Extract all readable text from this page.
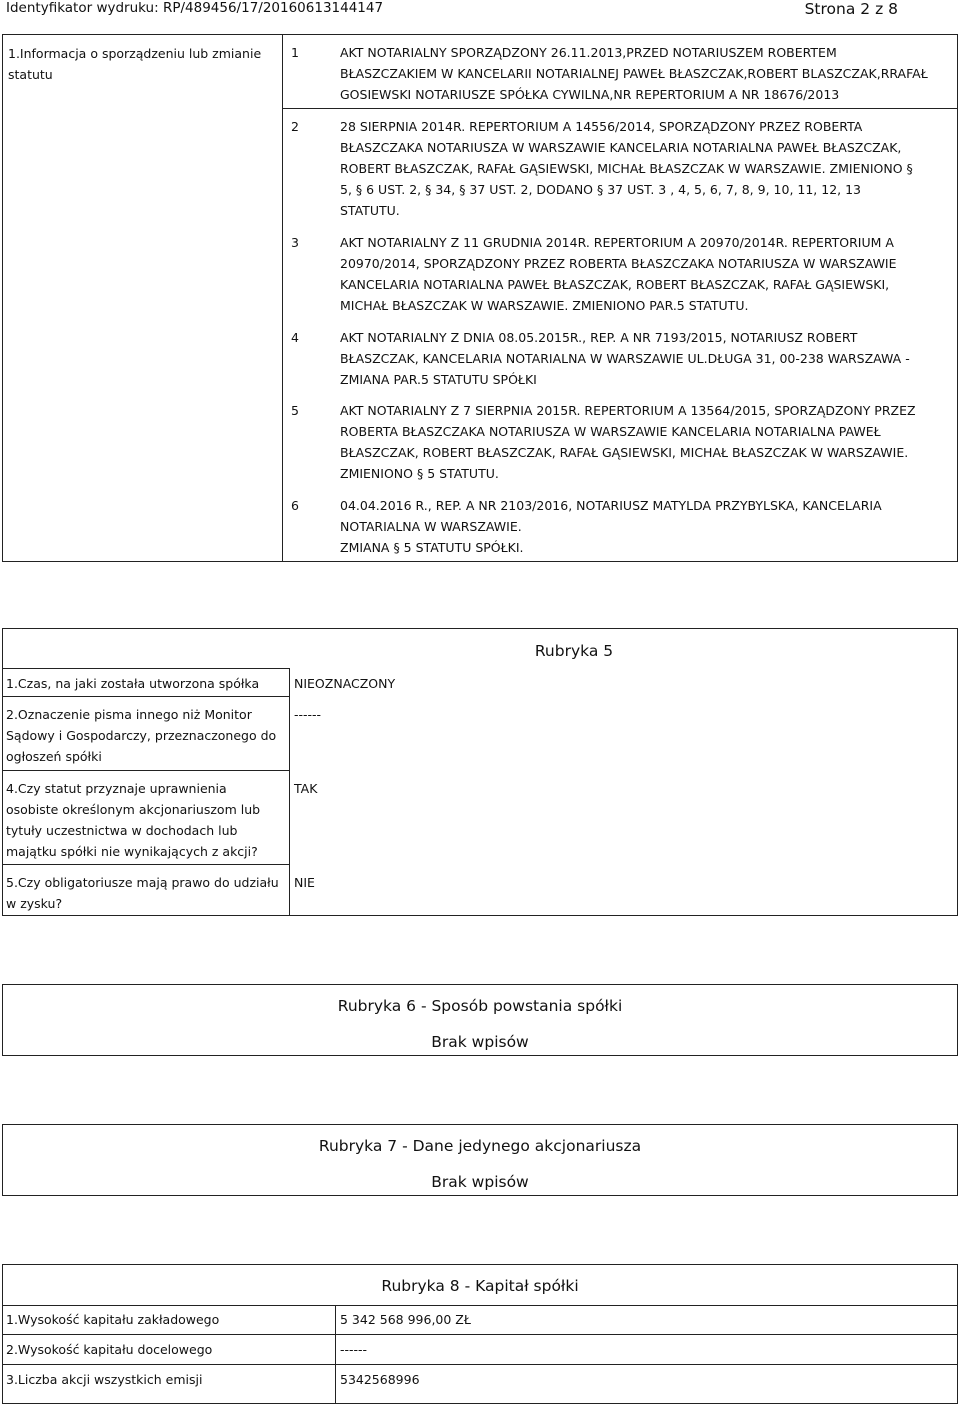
Identyfikator wydruku: RP/489456/17/20160613144147	Strona 2 z 8
1.Informacja o sporządzeniu lub zmianie
statutu
1	AKT NOTARIALNY SPORZĄDZONY 26.11.2013,PRZED NOTARIUSZEM ROBERTEM
BŁASZCZAKIEM W KANCELARII NOTARIALNEJ PAWEŁ BŁASZCZAK,ROBERT BLASZCZAK,RRAFAŁ
GOSIEWSKI NOTARIUSZE SPÓŁKA CYWILNA,NR REPERTORIUM A NR 18676/2013
2	28 SIERPNIA 2014R. REPERTORIUM A 14556/2014, SPORZĄDZONY PRZEZ ROBERTA
BŁASZCZAKA NOTARIUSZA W WARSZAWIE KANCELARIA NOTARIALNA PAWEŁ BŁASZCZAK,
ROBERT BŁASZCZAK, RAFAŁ GĄSIEWSKI, MICHAŁ BŁASZCZAK W WARSZAWIE. ZMIENIONO §
5, § 6 UST. 2, § 34, § 37 UST. 2, DODANO § 37 UST. 3 , 4, 5, 6, 7, 8, 9, 10, 11, 12, 13
STATUTU.
3	AKT NOTARIALNY Z 11 GRUDNIA 2014R. REPERTORIUM A 20970/2014R. REPERTORIUM A
20970/2014, SPORZĄDZONY PRZEZ ROBERTA BŁASZCZAKA NOTARIUSZA W WARSZAWIE
KANCELARIA NOTARIALNA PAWEŁ BŁASZCZAK, ROBERT BŁASZCZAK, RAFAŁ GĄSIEWSKI,
MICHAŁ BŁASZCZAK W WARSZAWIE. ZMIENIONO PAR.5 STATUTU.
4	AKT NOTARIALNY Z DNIA 08.05.2015R., REP. A NR 7193/2015, NOTARIUSZ ROBERT
BŁASZCZAK, KANCELARIA NOTARIALNA W WARSZAWIE UL.DŁUGA 31, 00-238 WARSZAWA -
ZMIANA PAR.5 STATUTU SPÓŁKI
5	AKT NOTARIALNY Z 7 SIERPNIA 2015R. REPERTORIUM A 13564/2015, SPORZĄDZONY PRZEZ
ROBERTA BŁASZCZAKA NOTARIUSZA W WARSZAWIE KANCELARIA NOTARIALNA PAWEŁ
BŁASZCZAK, ROBERT BŁASZCZAK, RAFAŁ GĄSIEWSKI, MICHAŁ BŁASZCZAK W WARSZAWIE.
ZMIENIONO § 5 STATUTU.
6	04.04.2016 R., REP. A NR 2103/2016, NOTARIUSZ MATYLDA PRZYBYLSKA, KANCELARIA
NOTARIALNA W WARSZAWIE.
ZMIANA § 5 STATUTU SPÓŁKI.
Rubryka 5
1.Czas, na jaki została utworzona spółka	NIEOZNACZONY
2.Oznaczenie pisma innego niż Monitor
Sądowy i Gospodarczy, przeznaczonego do
ogłoszeń spółki
------
4.Czy statut przyznaje uprawnienia
osobiste określonym akcjonariuszom lub
tytuły uczestnictwa w dochodach lub
majątku spółki nie wynikających z akcji?
TAK
5.Czy obligatoriusze mają prawo do udziału
w zysku?
NIE
Rubryka 6 - Sposób powstania spółki
Brak wpisów
Rubryka 7 - Dane jedynego akcjonariusza
Brak wpisów
Rubryka 8 - Kapitał spółki
1.Wysokość kapitału zakładowego	5 342 568 996,00 ZŁ
2.Wysokość kapitału docelowego	------
3.Liczba akcji wszystkich emisji	5342568996
